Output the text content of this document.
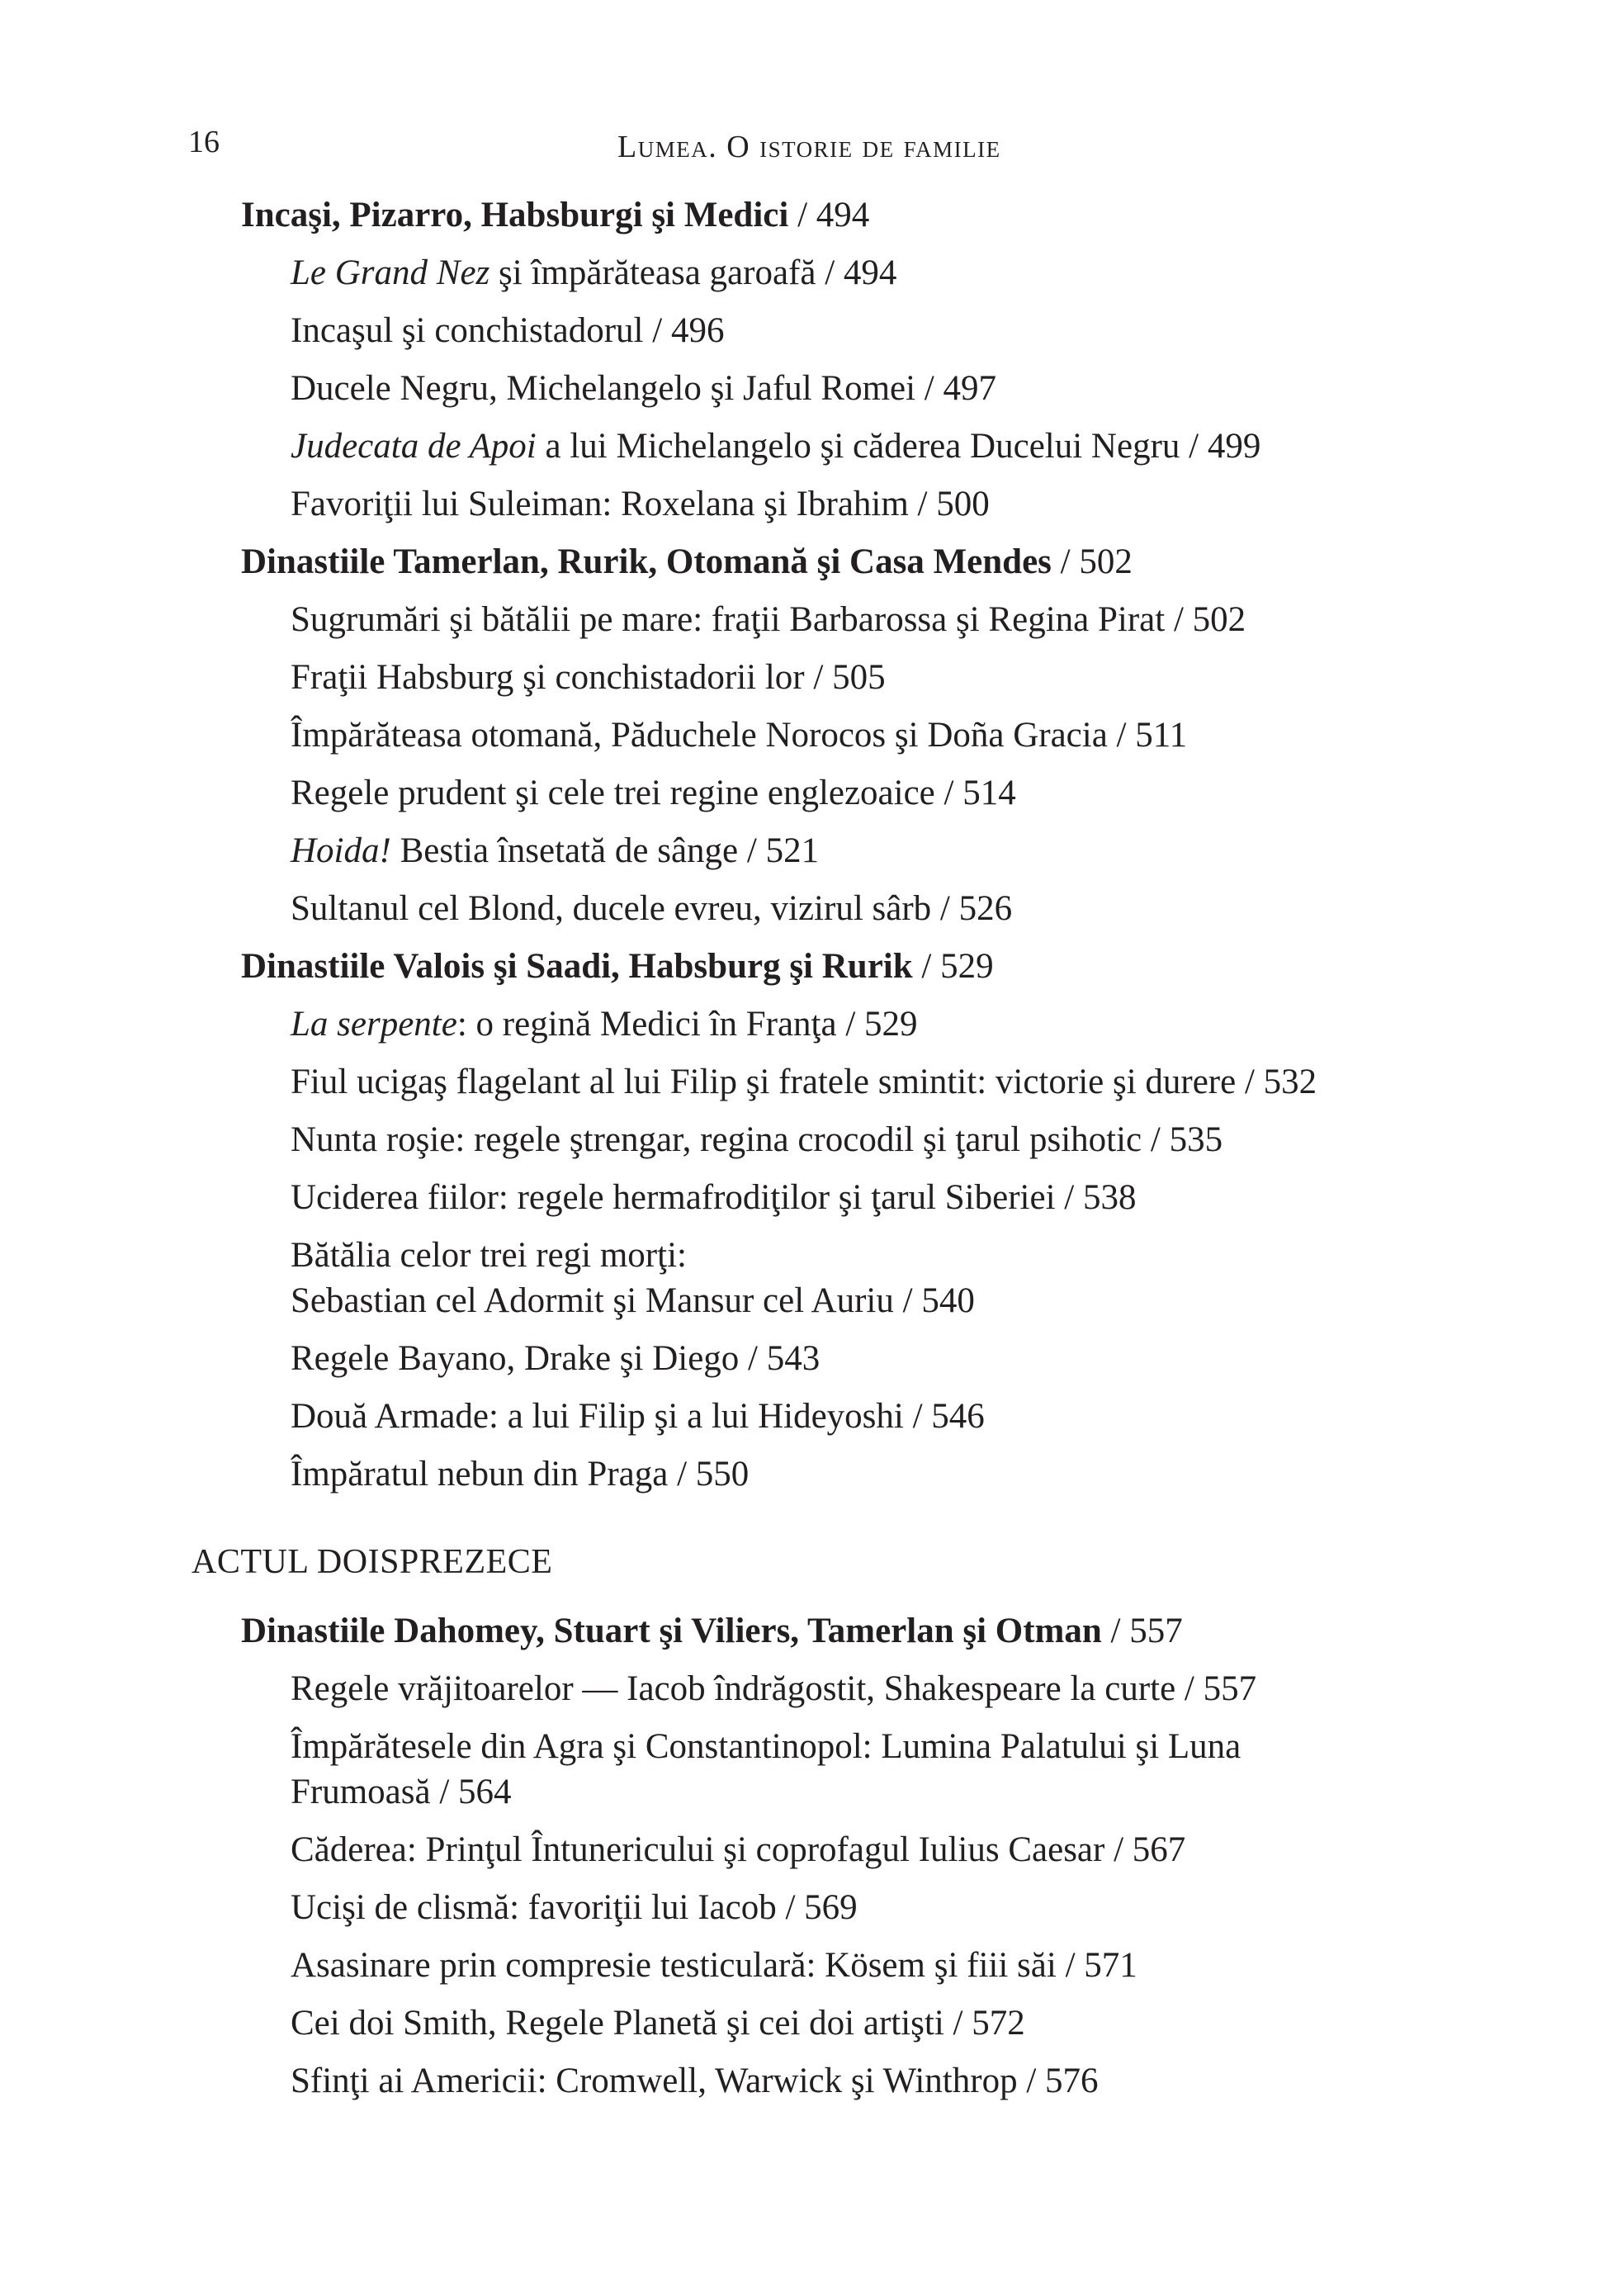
16	Lumea. O istorie de familie
Incaşi, Pizarro, Habsburgi şi Medici / 494
Le Grand Nez şi împărăteasa garoafă / 494
Incaşul şi conchistadorul / 496
Ducele Negru, Michelangelo şi Jaful Romei / 497
Judecata de Apoi a lui Michelangelo şi căderea Ducelui Negru / 499
Favoriţii lui Suleiman: Roxelana şi Ibrahim / 500
Dinastiile Tamerlan, Rurik, Otomană şi Casa Mendes / 502
Sugrumări şi bătălii pe mare: fraţii Barbarossa şi Regina Pirat / 502
Fraţii Habsburg şi conchistadorii lor / 505
Împărăteasa otomană, Păduchele Norocos şi Doña Gracia / 511
Regele prudent şi cele trei regine englezoaice / 514
Hoida! Bestia însetată de sânge / 521
Sultanul cel Blond, ducele evreu, vizirul sârb / 526
Dinastiile Valois şi Saadi, Habsburg şi Rurik / 529
La serpente: o regină Medici în Franţa / 529
Fiul ucigaş flagelant al lui Filip şi fratele smintit: victorie şi durere / 532
Nunta roşie: regele ştrengar, regina crocodil şi ţarul psihotic / 535
Uciderea fiilor: regele hermafrodiţilor şi ţarul Siberiei / 538
Bătălia celor trei regi morţi:
Sebastian cel Adormit şi Mansur cel Auriu / 540
Regele Bayano, Drake şi Diego / 543
Două Armade: a lui Filip şi a lui Hideyoshi / 546
Împăratul nebun din Praga / 550
ACTUL DOISPREZECE
Dinastiile Dahomey, Stuart şi Viliers, Tamerlan şi Otman / 557
Regele vrăjitoarelor — Iacob îndrăgostit, Shakespeare la curte / 557
Împărătesele din Agra şi Constantinopol: Lumina Palatului şi Luna
Frumoasă / 564
Căderea: Prinţul Întunericului şi coprofagul Iulius Caesar / 567
Ucişi de clismă: favoriţii lui Iacob / 569
Asasinare prin compresie testiculară: Kösem şi fiii săi / 571
Cei doi Smith, Regele Planetă şi cei doi artişti / 572
Sfinţi ai Americii: Cromwell, Warwick şi Winthrop / 576
